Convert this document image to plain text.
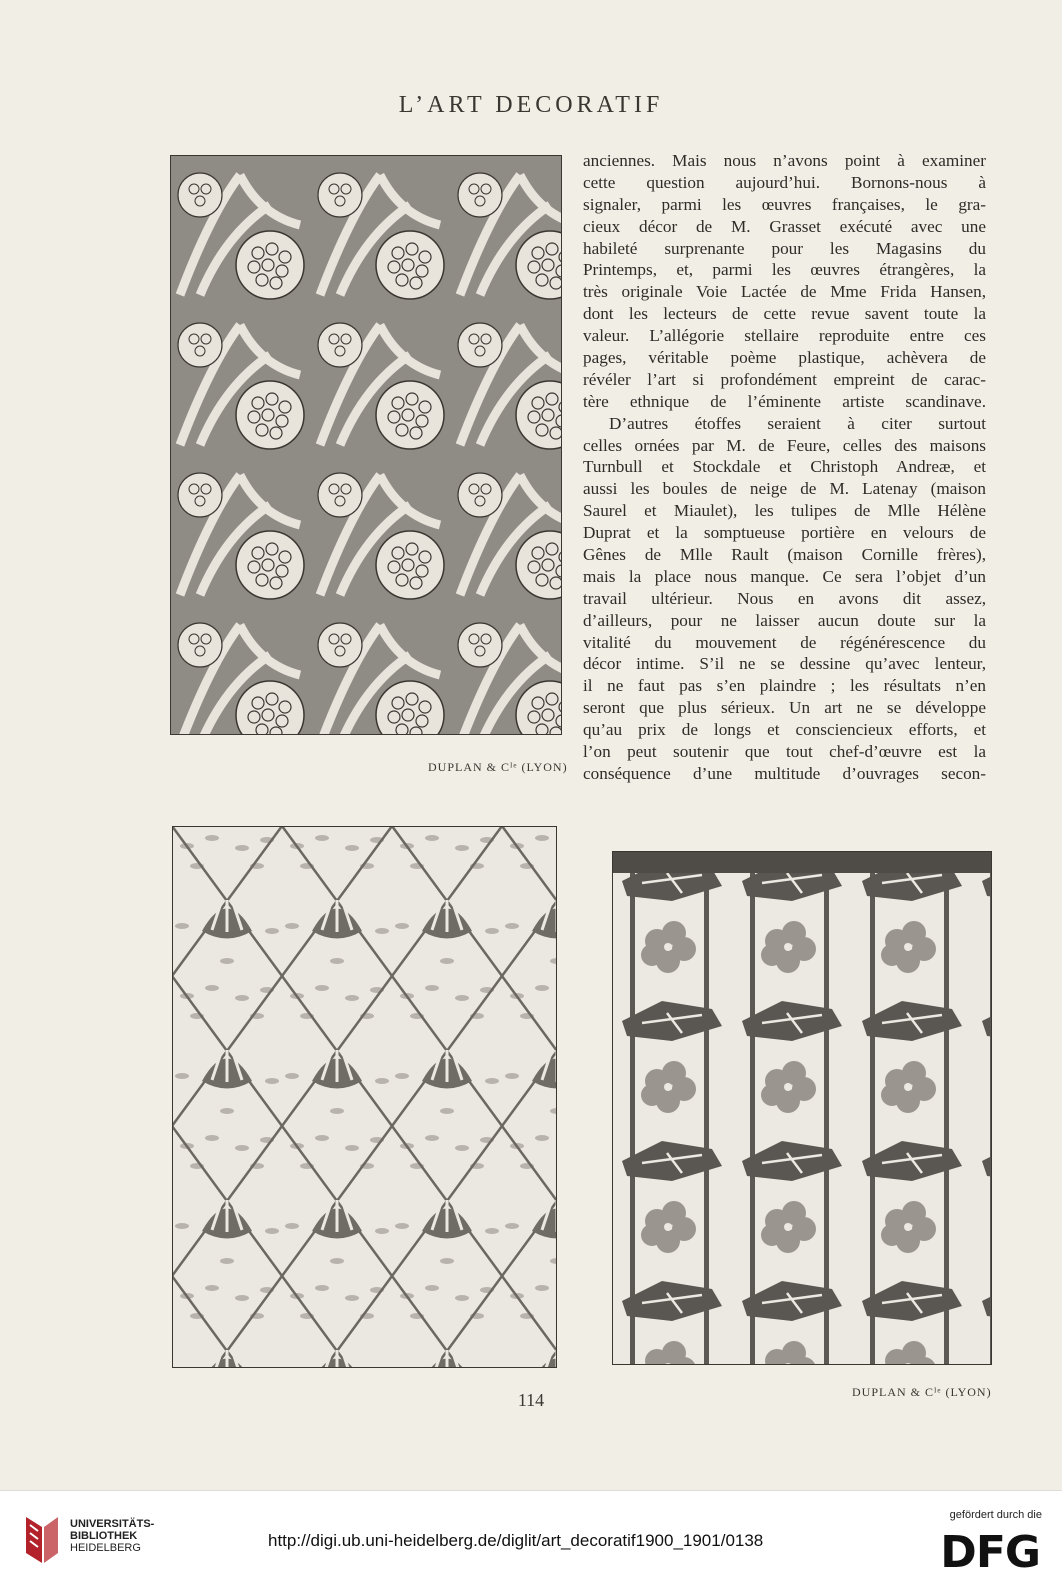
L’ART DECORATIF
DUPLAN & Cᴵᵉ (LYON)
anciennes. Mais nous n’avons point à examiner
cette question aujourd’hui. Bornons-nous à
signaler, parmi les œuvres françaises, le gra-
cieux décor de M. Grasset exécuté avec une
habileté surprenante pour les Magasins du
Printemps, et, parmi les œuvres étrangères, la
très originale Voie Lactée de Mme Frida Hansen,
dont les lecteurs de cette revue savent toute la
valeur. L’allégorie stellaire reproduite entre ces
pages, véritable poème plastique, achèvera de
révéler l’art si profondément empreint de carac-
tère ethnique de l’éminente artiste scandinave.
D’autres étoffes seraient à citer surtout
celles ornées par M. de Feure, celles des maisons
Turnbull et Stockdale et Christoph Andreæ, et
aussi les boules de neige de M. Latenay (maison
Saurel et Miaulet), les tulipes de Mlle Hélène
Duprat et la somptueuse portière en velours de
Gênes de Mlle Rault (maison Cornille frères),
mais la place nous manque. Ce sera l’objet d’un
travail ultérieur. Nous en avons dit assez,
d’ailleurs, pour ne laisser aucun doute sur la
vitalité du mouvement de régénérescence du
décor intime. S’il ne se dessine qu’avec lenteur,
il ne faut pas s’en plaindre ; les résultats n’en
seront que plus sérieux. Un art ne se développe
qu’au prix de longs et consciencieux efforts, et
l’on peut soutenir que tout chef-d’œuvre est la
conséquence d’une multitude d’ouvrages secon-
DUPLAN & Cᴵᵉ (LYON)
114
UNIVERSITÄTS-
BIBLIOTHEK
HEIDELBERG	http://digi.ub.uni-heidelberg.de/diglit/art_decoratif1900_1901/0138
gefördert durch die
DFG
